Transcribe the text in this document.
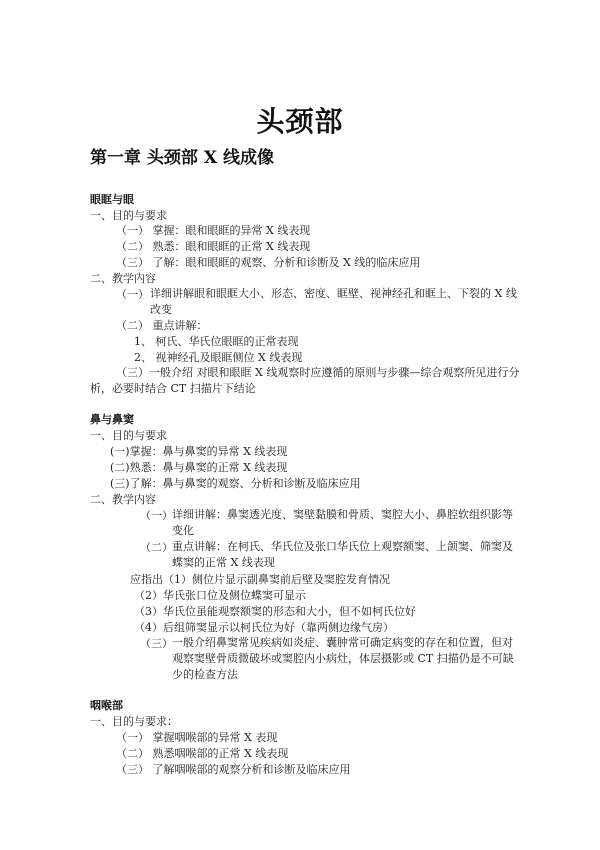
头颈部
第一章 头颈部 X 线成像
眼眶与眼
一、目的与要求
（一） 掌握：眼和眼眶的异常 X 线表现
（二） 熟悉：眼和眼眶的正常 X 线表现
（三） 了解：眼和眼眶的观察、分析和诊断及 X 线的临床应用
二、教学内容
（一） 详细讲解眼和眼眶大小、形态、密度、眶壁、视神经孔和眶上、下裂的 X 线改变
（二） 重点讲解：
1、 柯氏、华氏位眼眶的正常表现
2、 视神经孔及眼眶侧位 X 线表现
（三）一般介绍 对眼和眼眶 X 线观察时应遵循的原则与步骤—综合观察所见进行分析，必要时结合 CT 扫描片下结论
鼻与鼻窦
一、目的与要求
(一)掌握：鼻与鼻窦的异常 X 线表现
(二)熟悉：鼻与鼻窦的正常 X 线表现
(三)了解：鼻与鼻窦的观察、分析和诊断及临床应用
二、教学内容
（一） 详细讲解：鼻窦透光度、窦壁黏膜和骨质、窦腔大小、鼻腔软组织影等变化
（二） 重点讲解：在柯氏、华氏位及张口华氏位上观察额窦、上颌窦、筛窦及蝶窦的正常 X 线表现
应指出（1）侧位片显示副鼻窦前后壁及窦腔发育情况
（2）华氏张口位及侧位蝶窦可显示
（3）华氏位虽能观察额窦的形态和大小，但不如柯氏位好
（4）后组筛窦显示以柯氏位为好（靠两侧边缘气房）
（三） 一般介绍鼻窦常见疾病如炎症、囊肿常可确定病变的存在和位置，但对观察窦壁骨质微破坏或窦腔内小病灶，体层摄影或 CT 扫描仍是不可缺少的检查方法
咽喉部
一、目的与要求：
（一） 掌握咽喉部的异常 X 表现
（二） 熟悉咽喉部的正常 X 线表现
（三） 了解咽喉部的观察分析和诊断及临床应用
